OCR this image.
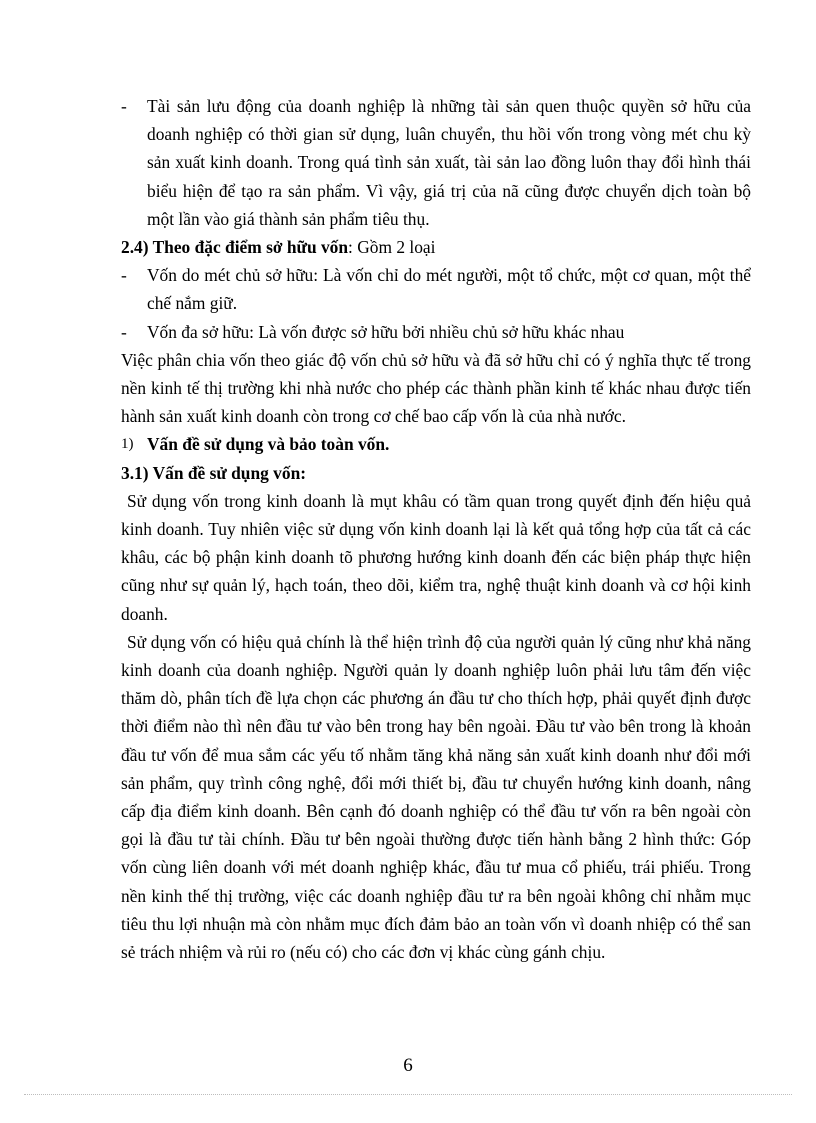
- Tài sản lưu động của doanh nghiệp là những tài sản quen thuộc quyền sở hữu của doanh nghiệp có thời gian sử dụng, luân chuyển, thu hồi vốn trong vòng mét chu kỳ sản xuất kinh doanh. Trong quá tình sản xuất, tài sản lao đồng luôn thay đổi hình thái biểu hiện để tạo ra sản phẩm. Vì vậy, giá trị của nã cũng được chuyển dịch toàn bộ một lần vào giá thành sản phẩm tiêu thụ.
2.4) Theo đặc điểm sở hữu vốn: Gồm 2 loại
- Vốn do mét chủ sở hữu: Là vốn chỉ do mét người, một tổ chức, một cơ quan, một thể chế nắm giữ.
- Vốn đa sở hữu: Là vốn được sở hữu bởi nhiều chủ sở hữu khác nhau
Việc phân chia vốn theo giác độ vốn chủ sở hữu và đã sở hữu chỉ có ý nghĩa thực tế trong nền kinh tế thị trường khi nhà nước cho phép các thành phần kinh tế khác nhau được tiến hành sản xuất kinh doanh còn trong cơ chế bao cấp vốn là của nhà nước.
1) Vấn đề sử dụng và bảo toàn vốn.
3.1) Vấn đề sử dụng vốn:
Sử dụng vốn trong kinh doanh là mụt khâu có tầm quan trong quyết định đến hiệu quả kinh doanh. Tuy nhiên việc sử dụng vốn kinh doanh lại là kết quả tổng hợp của tất cả các khâu, các bộ phận kinh doanh tõ phương hướng kinh doanh đến các biện pháp thực hiện cũng như sự quản lý, hạch toán, theo dõi, kiểm tra, nghệ thuật kinh doanh và cơ hội kinh doanh.
Sử dụng vốn có hiệu quả chính là thể hiện trình độ của người quản lý cũng như khả năng kinh doanh của doanh nghiệp. Người quản ly doanh nghiệp luôn phải lưu tâm đến việc thăm dò, phân tích đề lựa chọn các phương án đầu tư cho thích hợp, phải quyết định được thời điểm nào thì nên đầu tư vào bên trong hay bên ngoài. Đầu tư vào bên trong là khoản đầu tư vốn để mua sắm các yếu tố nhằm tăng khả năng sản xuất kinh doanh như đổi mới sản phẩm, quy trình công nghệ, đổi mới thiết bị, đầu tư chuyển hướng kinh doanh, nâng cấp địa điểm kinh doanh. Bên cạnh đó doanh nghiệp có thể đầu tư vốn ra bên ngoài còn gọi là đầu tư tài chính. Đầu tư bên ngoài thường được tiến hành bằng 2 hình thức: Góp vốn cùng liên doanh với mét doanh nghiệp khác, đầu tư mua cổ phiếu, trái phiếu. Trong nền kinh thế thị trường, việc các doanh nghiệp đầu tư ra bên ngoài không chỉ nhằm mục tiêu thu lợi nhuận mà còn nhằm mục đích đảm bảo an toàn vốn vì doanh nhiệp có thể san sẻ trách nhiệm và rủi ro (nếu có) cho các đơn vị khác cùng gánh chịu.
6
